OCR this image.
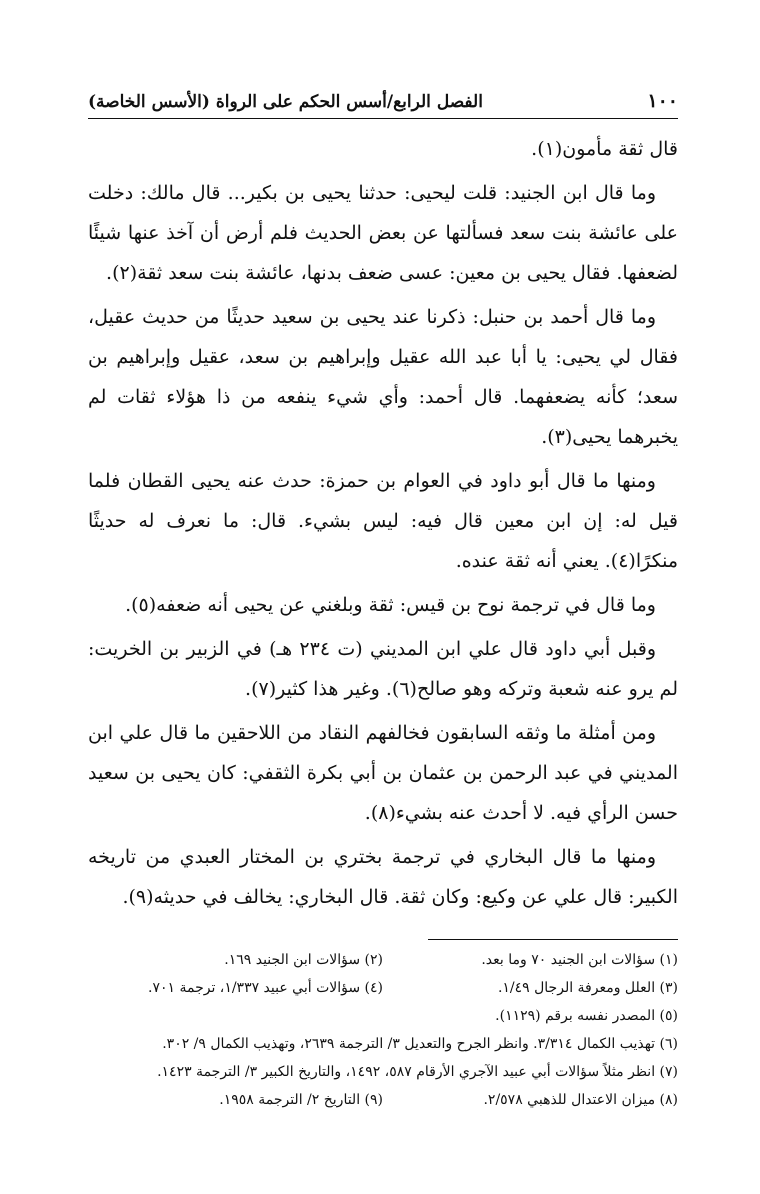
١٠٠
الفصل الرابع/أسس الحكم على الرواة (الأسس الخاصة)

قال ثقة مأمون(١).

وما قال ابن الجنيد: قلت ليحيى: حدثنا يحيى بن بكير... قال مالك: دخلت على عائشة بنت سعد فسألتها عن بعض الحديث فلم أرض أن آخذ عنها شيئًا لضعفها. فقال يحيى بن معين: عسى ضعف بدنها، عائشة بنت سعد ثقة(٢).

وما قال أحمد بن حنبل: ذكرنا عند يحيى بن سعيد حديثًا من حديث عقيل، فقال لي يحيى: يا أبا عبد الله عقيل وإبراهيم بن سعد، عقيل وإبراهيم بن سعد؛ كأنه يضعفهما. قال أحمد: وأي شيء ينفعه من ذا هؤلاء ثقات لم يخبرهما يحيى(٣).

ومنها ما قال أبو داود في العوام بن حمزة: حدث عنه يحيى القطان فلما قيل له: إن ابن معين قال فيه: ليس بشيء. قال: ما نعرف له حديثًا منكرًا(٤). يعني أنه ثقة عنده.

وما قال في ترجمة نوح بن قيس: ثقة وبلغني عن يحيى أنه ضعفه(٥).

وقبل أبي داود قال علي ابن المديني (ت ٢٣٤ هـ) في الزبير بن الخريت: لم يرو عنه شعبة وتركه وهو صالح(٦). وغير هذا كثير(٧).

ومن أمثلة ما وثقه السابقون فخالفهم النقاد من اللاحقين ما قال علي ابن المديني في عبد الرحمن بن عثمان بن أبي بكرة الثقفي: كان يحيى بن سعيد حسن الرأي فيه. لا أحدث عنه بشيء(٨).

ومنها ما قال البخاري في ترجمة بختري بن المختار العبدي من تاريخه الكبير: قال علي عن وكيع: وكان ثقة. قال البخاري: يخالف في حديثه(٩).

(١) سؤالات ابن الجنيد ٧٠ وما بعد.
(٢) سؤالات ابن الجنيد ١٦٩.
(٣) العلل ومعرفة الرجال ١/٤٩.
(٤) سؤالات أبي عبيد ١/٣٣٧، ترجمة ٧٠١.
(٥) المصدر نفسه برقم (١١٢٩).
(٦) تهذيب الكمال ٣/٣١٤. وانظر الجرح والتعديل ٣/ الترجمة ٢٦٣٩، وتهذيب الكمال ٩/ ٣٠٢.
(٧) انظر مثلاً سؤالات أبي عبيد الآجري الأرقام ٥٨٧، ١٤٩٢، والتاريخ الكبير ٣/ الترجمة ١٤٢٣.
(٨) ميزان الاعتدال للذهبي ٢/٥٧٨.
(٩) التاريخ ٢/ الترجمة ١٩٥٨.
